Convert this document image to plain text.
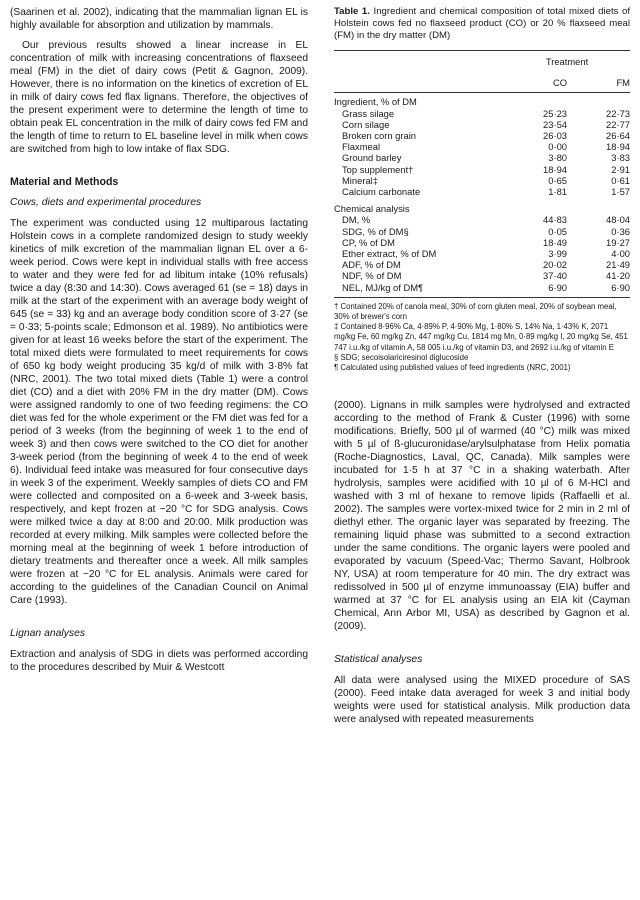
(Saarinen et al. 2002), indicating that the mammalian lignan EL is highly available for absorption and utilization by mammals.

Our previous results showed a linear increase in EL concentration of milk with increasing concentrations of flaxseed meal (FM) in the diet of dairy cows (Petit & Gagnon, 2009). However, there is no information on the kinetics of excretion of EL in milk of dairy cows fed flax lignans. Therefore, the objectives of the present experiment were to determine the length of time to obtain peak EL concentration in the milk of dairy cows fed FM and the length of time to return to EL baseline level in milk when cows are switched from high to low intake of flax SDG.

Material and Methods
Cows, diets and experimental procedures

The experiment was conducted using 12 multiparous lactating Holstein cows in a complete randomized design to study weekly kinetics of milk excretion of the mammalian lignan EL over a 6-week period. Cows were kept in individual stalls with free access to water and they were fed for ad libitum intake (10% refusals) twice a day (8:30 and 14:30). Cows averaged 61 (se = 18) days in milk at the start of the experiment with an average body weight of 645 (se = 33) kg and an average body condition score of 3·27 (se = 0·33; 5-points scale; Edmonson et al. 1989). No antibiotics were given for at least 16 weeks before the start of the experiment. The total mixed diets were formulated to meet requirements for cows of 650 kg body weight producing 35 kg/d of milk with 3·8% fat (NRC, 2001). The two total mixed diets (Table 1) were a control diet (CO) and a diet with 20% FM in the dry matter (DM). Cows were assigned randomly to one of two feeding regimens: the CO diet was fed for the whole experiment or the FM diet was fed for a period of 3 weeks (from the beginning of week 1 to the end of week 3) and then cows were switched to the CO diet for another 3-week period (from the beginning of week 4 to the end of week 6). Individual feed intake was measured for four consecutive days in week 3 of the experiment. Weekly samples of diets CO and FM were collected and composited on a 6-week and 3-week basis, respectively, and kept frozen at −20 °C for SDG analysis. Cows were milked twice a day at 8:00 and 20:00. Milk production was recorded at every milking. Milk samples were collected before the morning meal at the beginning of week 1 before introduction of dietary treatments and thereafter once a week. All milk samples were frozen at −20 °C for EL analysis. Animals were cared for according to the guidelines of the Canadian Council on Animal Care (1993).

Lignan analyses

Extraction and analysis of SDG in diets was performed according to the procedures described by Muir & Westcott

Table 1. Ingredient and chemical composition of total mixed diets of Holstein cows fed no flaxseed product (CO) or 20 % flaxseed meal (FM) in the dry matter (DM)

	Treatment	
	CO	FM
Ingredient, % of DM		
Grass silage	25·23	22·73
Corn silage	23·54	22·77
Broken corn grain	26·03	26·64
Flaxmeal	0·00	18·94
Ground barley	3·80	3·83
Top supplement†	18·94	2·91
Mineral‡	0·65	0·61
Calcium carbonate	1·81	1·57
Chemical analysis		
DM, %	44·83	48·04
SDG, % of DM§	0·05	0·36
CP, % of DM	18·49	19·27
Ether extract, % of DM	3·99	4·00
ADF, % of DM	20·02	21·49
NDF, % of DM	37·40	41·20
NEL, MJ/kg of DM¶	6·90	6·90

† Contained 20% of canola meal, 30% of corn gluten meal, 20% of soybean meal, 30% of brewer's corn

‡ Contained 8·96% Ca, 4·89% P, 4·90% Mg, 1·80% S, 14% Na, 1·43% K, 2071 mg/kg Fe, 60 mg/kg Zn, 447 mg/kg Cu, 1814 mg Mn, 0·89 mg/kg I, 20 mg/kg Se, 451 747 i.u./kg of vitamin A, 58 005 i.u./kg of vitamin D3, and 2692 i.u./kg of vitamin E

§ SDG; secoisolariciresinol diglucoside

¶ Calculated using published values of feed ingredients (NRC, 2001)

(2000). Lignans in milk samples were hydrolysed and extracted according to the method of Frank & Custer (1996) with some modifications. Briefly, 500 µl of warmed (40 °C) milk was mixed with 5 µl of ß-glucuronidase/arylsulphatase from Helix pomatia (Roche-Diagnostics, Laval, QC, Canada). Milk samples were incubated for 1·5 h at 37 °C in a shaking waterbath. After hydrolysis, samples were acidified with 10 µl of 6 M-HCl and washed with 3 ml of hexane to remove lipids (Raffaelli et al. 2002). The samples were vortex-mixed twice for 2 min in 2 ml of diethyl ether. The organic layer was separated by freezing. The remaining liquid phase was submitted to a second extraction under the same conditions. The organic layers were pooled and evaporated by vacuum (Speed-Vac; Thermo Savant, Holbrook NY, USA) at room temperature for 40 min. The dry extract was redissolved in 500 µl of enzyme immunoassay (EIA) buffer and warmed at 37 °C for EL analysis using an EIA kit (Cayman Chemical, Ann Arbor MI, USA) as described by Gagnon et al. (2009).

Statistical analyses

All data were analysed using the MIXED procedure of SAS (2000). Feed intake data averaged for week 3 and initial body weights were used for statistical analysis. Milk production data were analysed with repeated measurements
